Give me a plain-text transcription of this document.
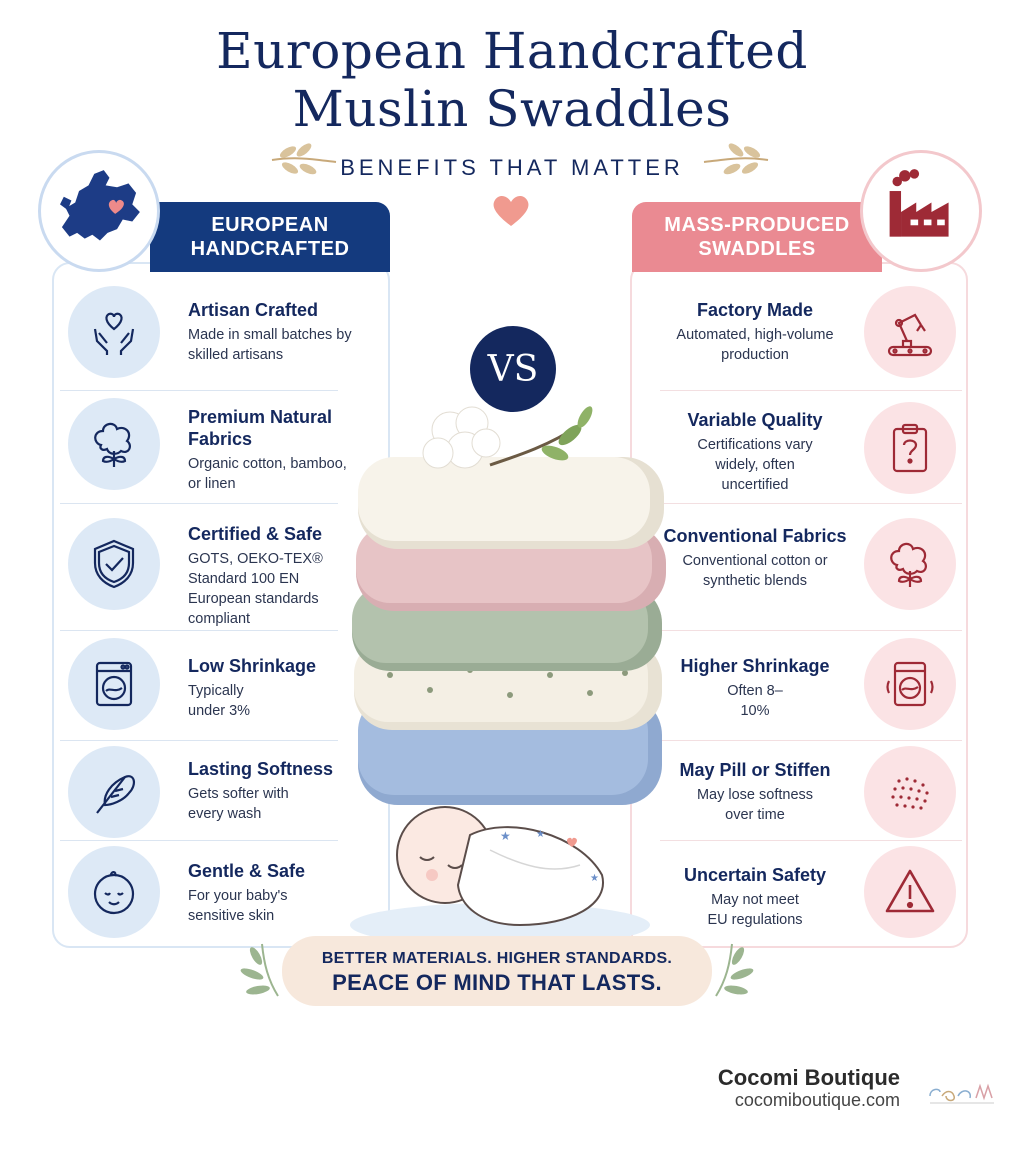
European Handcrafted
Muslin Swaddles
BENEFITS THAT MATTER
EUROPEAN
HANDCRAFTED
MASS-PRODUCED
SWADDLES
Artisan Crafted
Made in small batches by skilled artisans
Premium Natural Fabrics
Organic cotton, bamboo, or linen
Certified & Safe
GOTS, OEKO-TEX® Standard 100 EN European standards compliant
Low Shrinkage
Typically under 3%
Lasting Softness
Gets softer with every wash
Gentle & Safe
For your baby's sensitive skin
Factory Made
Automated, high-volume production
Variable Quality
Certifications vary widely, often uncertified
Conventional Fabrics
Conventional cotton or synthetic blends
Higher Shrinkage
Often 8–10%
May Pill or Stiffen
May lose softness over time
Uncertain Safety
May not meet EU regulations
VS
★	★
★
BETTER MATERIALS. HIGHER STANDARDS.
PEACE OF MIND THAT LASTS.
Cocomi Boutique
cocomiboutique.com
